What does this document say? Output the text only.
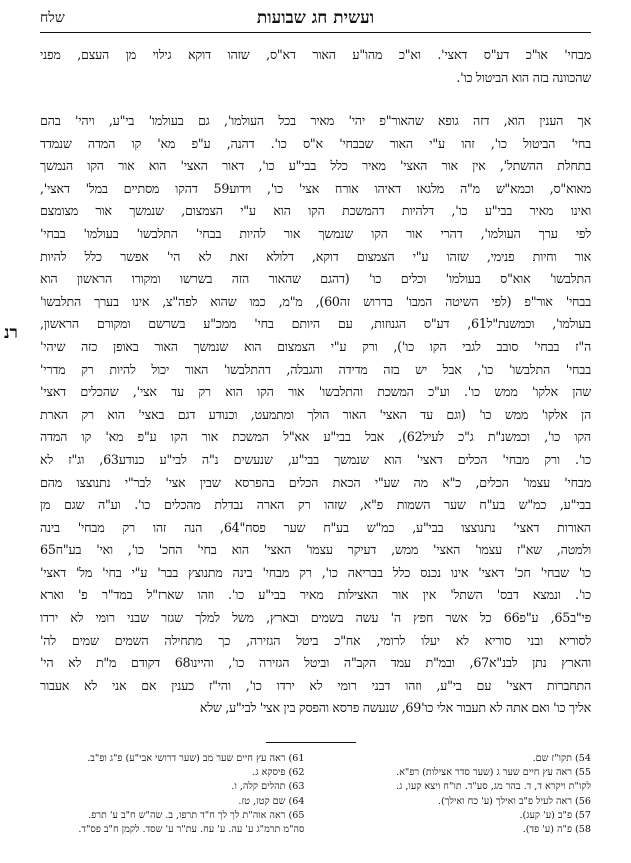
ועשית חג שבועות
שלח
מבחי' או"כ דע"ס דאצי'. וא"כ מהו"ע האור דא"ס, שזהו דוקא גילוי מן העצם, מפני
שהכוונה בזה הוא הביטול כו'.
אך הענין הוא, דזה גופא שהאור"פ יהי' מאיר בכל העולמו', גם בעולמו' בי"ע, ויהי' בהם
בחי' הביטול כו', זהו ע"י האור שבבחי' א"ס כו'. דהנה, ע"פ מא' קו המדה שנמדד
בתחלת ההשתל', אין אור האצי' מאיר כלל בבי"ע כו', דאור האצי' הוא אור הקו הנמשך
מאוא"ס, וכמא"ש מ"ה מלגאו דאיהו אורח אצי' כו', וידוע59 דהקו מסתיים במל' דאצי',
ואינו מאיר בבי"ע כו', דלהיות דהמשכת הקו הוא ע"י הצמצום, שנמשך אור מצומצם
לפי ערך העולמו', דהרי אור הקו שנמשך אור להיות בבחי' התלבשו' בעולמו' בבחי'
אור וחיות פנימי, שזהו ע"י הצמצום דוקא, דלולא זאת לא הי' אפשר כלל להיות
התלבשו' אוא"ס בעולמו' וכלים כו' (דהגם שהאור הזה בשרשו ומקורו הראשון הוא
בבחי' אור"פ (לפי השיטה המבו' בדרוש זה60), מ"מ, כמו שהוא לפה"צ, אינו בערך התלבשו'
בעולמו', וכמשנת"ל61, דע"ס הגנוזות, עם היותם בחי' ממכ"ע בשרשם ומקורם הראשון,
ה"ז בבחי' סובב לגבי הקו כו'), ורק ע"י הצמצום הוא שנמשך האור באופן כזה שיהי'
בבחי' התלבשו' כו', אבל יש בזה מדידה והגבלה, דהתלבשו' האור יכול להיות רק מדרי'
שהן אלקו' ממש כו'. וע"כ המשכת והתלבשו' אור הקו הוא רק עד אצי', שהכלים דאצי'
הן אלקו' ממש כו' (וגם עד האצי' האור הולך ומתמעט, וכנודע דגם באצי' הוא רק הארת
הקו כו', וכמשנ"ת ג"כ לעיל62), אבל בבי"ע אא"ל המשכת אור הקו ע"פ מא' קו המדה
כו'. ורק מבחי' הכלים דאצי' הוא שנמשך בבי"ע, שנעשים נ"ה לבי"ע כנודע63, וג"ז לא
מבחי' עצמו' הכלים, כ"א מה שע"י הכאת הכלים בהפרסא שבין אצי' לבר"י נתנוצצו מהם
בבי"ע, כמ"ש בע"ח שער השמות פ"א, שזהו רק הארה נבדלת מהכלים כו'. וע"ה שגם מן
האורות דאצי' נתנוצצו בבי"ע, כמ"ש בע"ח שער פסח"64, הנה זהו רק מבחי' בינה
ולמטה, שא"ז עצמו' האצי' ממש, דעיקר עצמו' האצי' הוא בחי' החכ' כו', ואי' בע"ח65
כו' שבחי' חכ' דאצי' אינו נכנס כלל בבריאה כו', רק מבחי' בינה מתנוצץ בבר' ע"י בחי' מל' דאצי'
כו'. ונמצא דבס' השתל' אין אור האצילות מאיר בבי"ע כו'. וזהו שארז"ל במד"ר פ' וארא
פי"ב65, ע"פ66 כל אשר חפץ ה' עשה בשמים ובארץ, משל למלך שגזר שבני רומי לא ירדו
לסוריא ובני סוריא לא יעלו לרומי, אח"כ ביטל הגזירה, כך מתחילה השמים שמים לה'
והארץ נתן לבנ"א67, ובמ"ת עמד הקב"ה וביטל הגזירה כו', והיינו68 דקודם מ"ת לא הי'
התחברות דאצי' עם בי"ע, וזהו דבני רומי לא ירדו כו', והי"ז כענין אם אני לא אעבור
אליך כו' ואם אתה לא תעבור אלי כו'69, שנעשה פרסא והפסק בין אצי' לבי"ע, שלא
רנ
54) תקו"ז שם.
55) ראה עץ חיים שער ג (שער סדר אצילות) רפ"א.
לקו"ת ויקרא ד, ד. בהר מג, סע"ד. תו"ח ויצא קעו, ג.
56) ראה לעיל פ"ב ואילך (ע' כח ואילך).
57) פ"ב (ע' קעג).
58) פ"ה (ע' פד).
61) ראה עץ חיים שער מב (שער דרושי אבי"ע) פ"ג ופ"ב.
62) פיסקא ג.
63) תהלים קלה, ו.
64) שם קטז, טז.
65) ראה אוה"ת לך לך ח"ד תרפו, ב. שה"ש ח"ב ע' תרפ.
סה"מ תרמ"ג ע' עה. ע' עח. עת"ר ע' שסד. לקמן ח"ב פס"ד.
